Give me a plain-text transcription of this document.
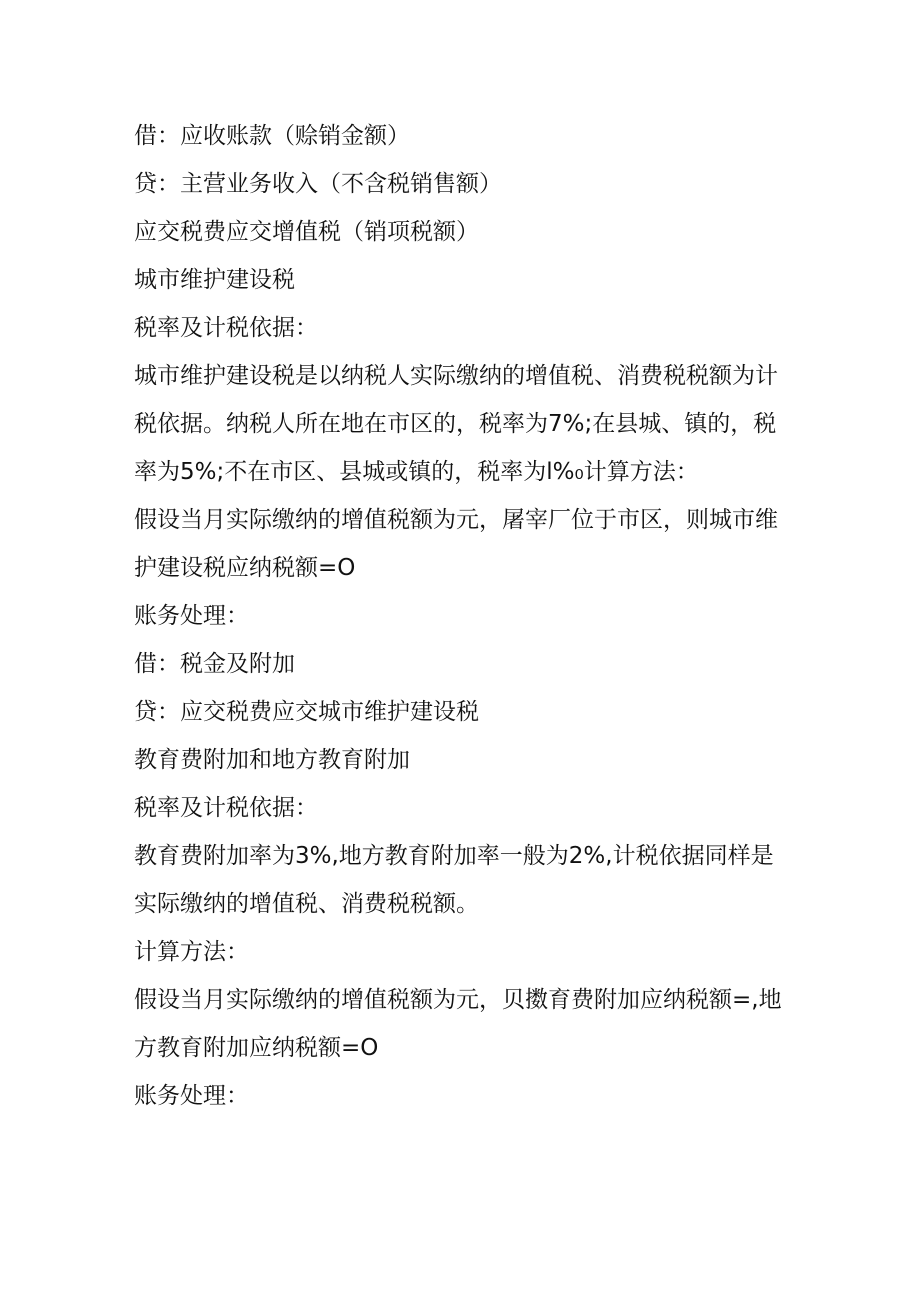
借：应收账款（赊销金额）

贷：主营业务收入（不含税销售额）

应交税费应交增值税（销项税额）

城市维护建设税

税率及计税依据：

城市维护建设税是以纳税人实际缴纳的增值税、消费税税额为计税依据。纳税人所在地在市区的，税率为7%;在县城、镇的，税率为5%;不在市区、县城或镇的，税率为l%₀计算方法：

假设当月实际缴纳的增值税额为元，屠宰厂位于市区，则城市维护建设税应纳税额=O

账务处理：

借：税金及附加

贷：应交税费应交城市维护建设税

教育费附加和地方教育附加

税率及计税依据：

教育费附加率为3%,地方教育附加率一般为2%,计税依据同样是实际缴纳的增值税、消费税税额。

计算方法：

假设当月实际缴纳的增值税额为元，贝擞育费附加应纳税额=,地方教育附加应纳税额=O

账务处理：
